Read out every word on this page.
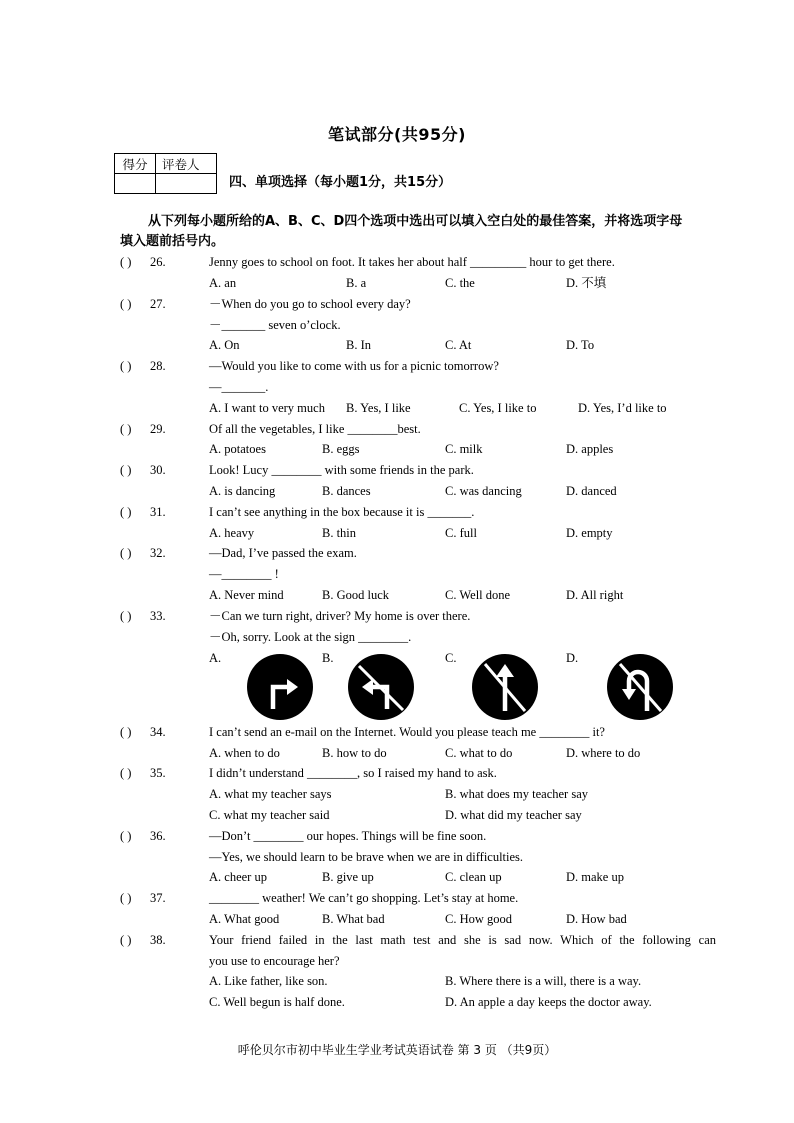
笔试部分(共95分)
得分	评卷人

四、单项选择（每小题1分，共15分）
从下列每小题所给的A、B、C、D四个选项中选出可以填入空白处的最佳答案，并将选项字母填入题前括号内。
( ) 26.	Jenny goes to school on foot. It takes her about half _________ hour to get there.
A. an	B. a	C. the	D. 不填
( ) 27.	－When do you go to school every day?
－_______ seven o’clock.
A. On	B. In	C. At	D. To
( ) 28.	—Would you like to come with us for a picnic tomorrow?
—_______.
A. I want to very much B. Yes, I like	C. Yes, I like to	D. Yes, I’d like to
( ) 29.	Of all the vegetables, I like ________best.
A. potatoes	B. eggs	C. milk	D. apples
( ) 30.	Look! Lucy ________ with some friends in the park.
A. is dancing	B. dances	C. was dancing	D. danced
( ) 31.	I can’t see anything in the box because it is _______.
A. heavy	B. thin	C. full	D. empty
( ) 32.	—Dad, I’ve passed the exam.
—________ !
A. Never mind	B. Good luck	C. Well done	D. All right
( ) 33.	－Can we turn right, driver? My home is over there.
－Oh, sorry. Look at the sign ________.
A.	B.	C.	D.
( ) 34.	I can’t send an e-mail on the Internet. Would you please teach me ________ it?
A. when to do	B. how to do	C. what to do	D. where to do
( ) 35.	I didn’t understand ________, so I raised my hand to ask.
A. what my teacher says	B. what does my teacher say
C. what my teacher said	D. what did my teacher say
( ) 36.	—Don’t ________ our hopes. Things will be fine soon.
—Yes, we should learn to be brave when we are in difficulties.
A. cheer up	B. give up	C. clean up	D. make up
( ) 37.	________ weather! We can’t go shopping. Let’s stay at home.
A. What good	B. What bad	C. How good	D. How bad
( ) 38.	Your friend failed in the last math test and she is sad now. Which of the following can
you use to encourage her?
A. Like father, like son.	B. Where there is a will, there is a way.
C. Well begun is half done.	D. An apple a day keeps the doctor away.
呼伦贝尔市初中毕业生学业考试英语试卷 第 3 页 （共9页）
